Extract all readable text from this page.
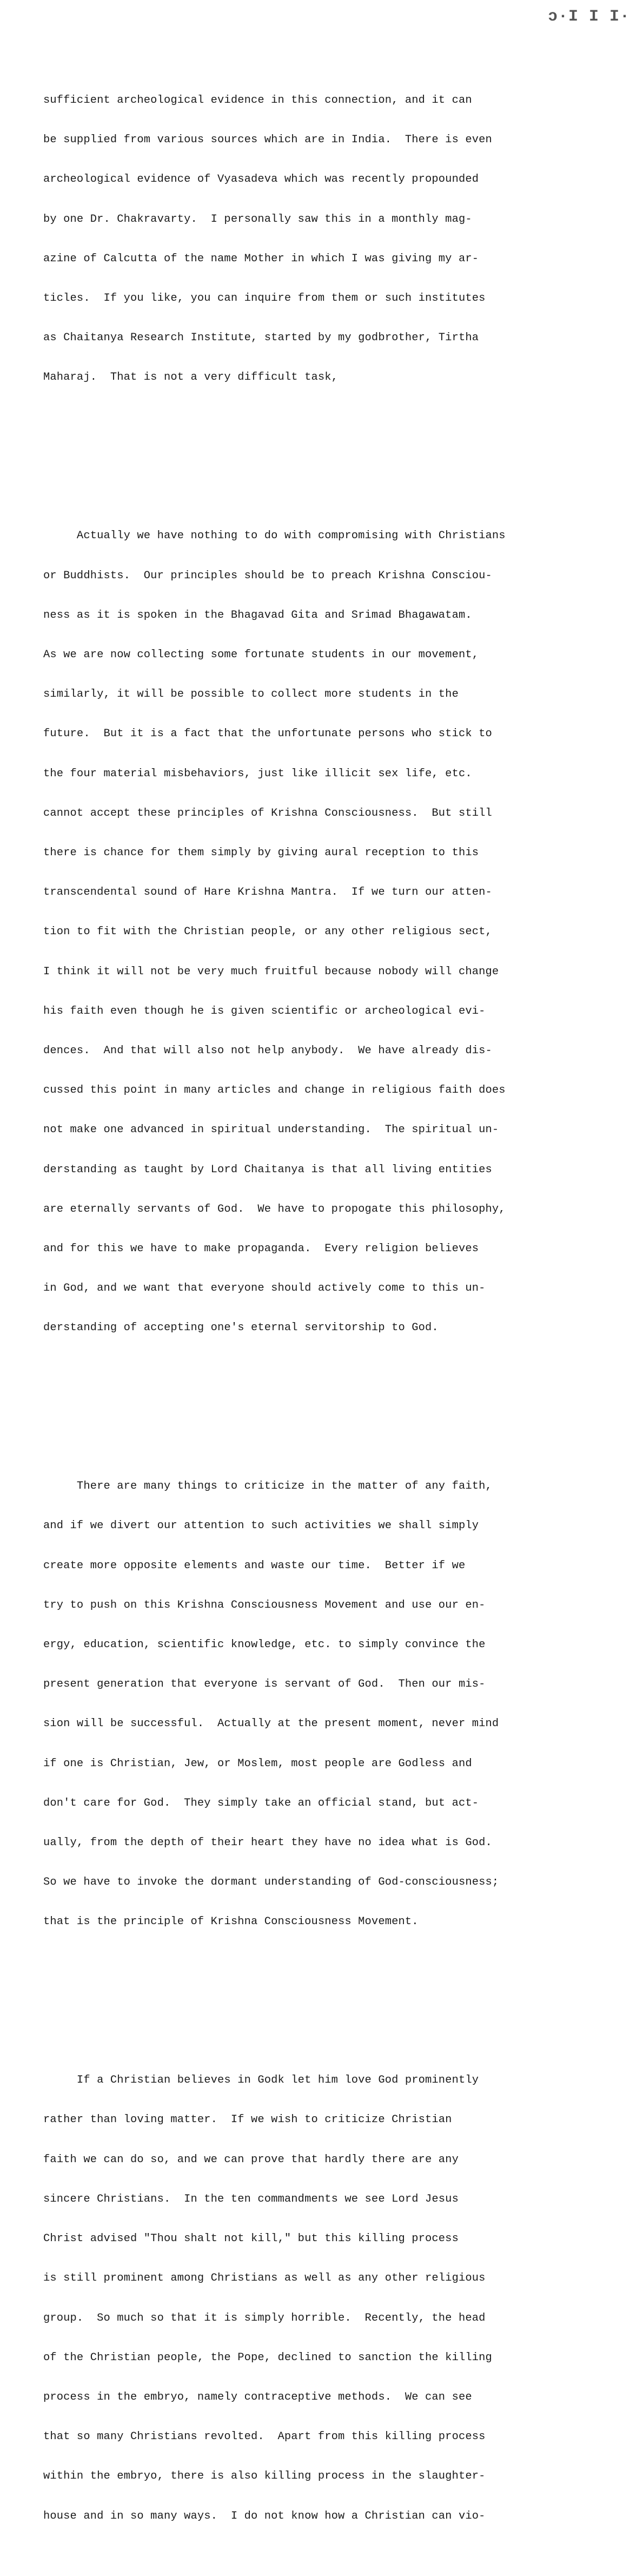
ɔ·I I I·

sufficient archeological evidence in this connection, and it can

be supplied from various sources which are in India.  There is even

archeological evidence of Vyasadeva which was recently propounded

by one Dr. Chakravarty.  I personally saw this in a monthly mag-

azine of Calcutta of the name Mother in which I was giving my ar-

ticles.  If you like, you can inquire from them or such institutes

as Chaitanya Research Institute, started by my godbrother, Tirtha

Maharaj.  That is not a very difficult task,

Actually we have nothing to do with compromising with Christians

or Buddhists.  Our principles should be to preach Krishna Consciou-

ness as it is spoken in the Bhagavad Gita and Srimad Bhagawatam.

As we are now collecting some fortunate students in our movement,

similarly, it will be possible to collect more students in the

future.  But it is a fact that the unfortunate persons who stick to

the four material misbehaviors, just like illicit sex life, etc.

cannot accept these principles of Krishna Consciousness.  But still

there is chance for them simply by giving aural reception to this

transcendental sound of Hare Krishna Mantra.  If we turn our atten-

tion to fit with the Christian people, or any other religious sect,

I think it will not be very much fruitful because nobody will change

his faith even though he is given scientific or archeological evi-

dences.  And that will also not help anybody.  We have already dis-

cussed this point in many articles and change in religious faith does

not make one advanced in spiritual understanding.  The spiritual un-

derstanding as taught by Lord Chaitanya is that all living entities

are eternally servants of God.  We have to propogate this philosophy,

and for this we have to make propaganda.  Every religion believes

in God, and we want that everyone should actively come to this un-

derstanding of accepting one's eternal servitorship to God.

There are many things to criticize in the matter of any faith,

and if we divert our attention to such activities we shall simply

create more opposite elements and waste our time.  Better if we

try to push on this Krishna Consciousness Movement and use our en-

ergy, education, scientific knowledge, etc. to simply convince the

present generation that everyone is servant of God.  Then our mis-

sion will be successful.  Actually at the present moment, never mind

if one is Christian, Jew, or Moslem, most people are Godless and

don't care for God.  They simply take an official stand, but act-

ually, from the depth of their heart they have no idea what is God.

So we have to invoke the dormant understanding of God-consciousness;

that is the principle of Krishna Consciousness Movement.

If a Christian believes in Godk let him love God prominently

rather than loving matter.  If we wish to criticize Christian

faith we can do so, and we can prove that hardly there are any

sincere Christians.  In the ten commandments we see Lord Jesus

Christ advised "Thou shalt not kill," but this killing process

is still prominent among Christians as well as any other religious

group.  So much so that it is simply horrible.  Recently, the head

of the Christian people, the Pope, declined to sanction the killing

process in the embryo, namely contraceptive methods.  We can see

that so many Christians revolted.  Apart from this killing process

within the embryo, there is also killing process in the slaughter-

house and in so many ways.  I do not know how a Christian can vio-
